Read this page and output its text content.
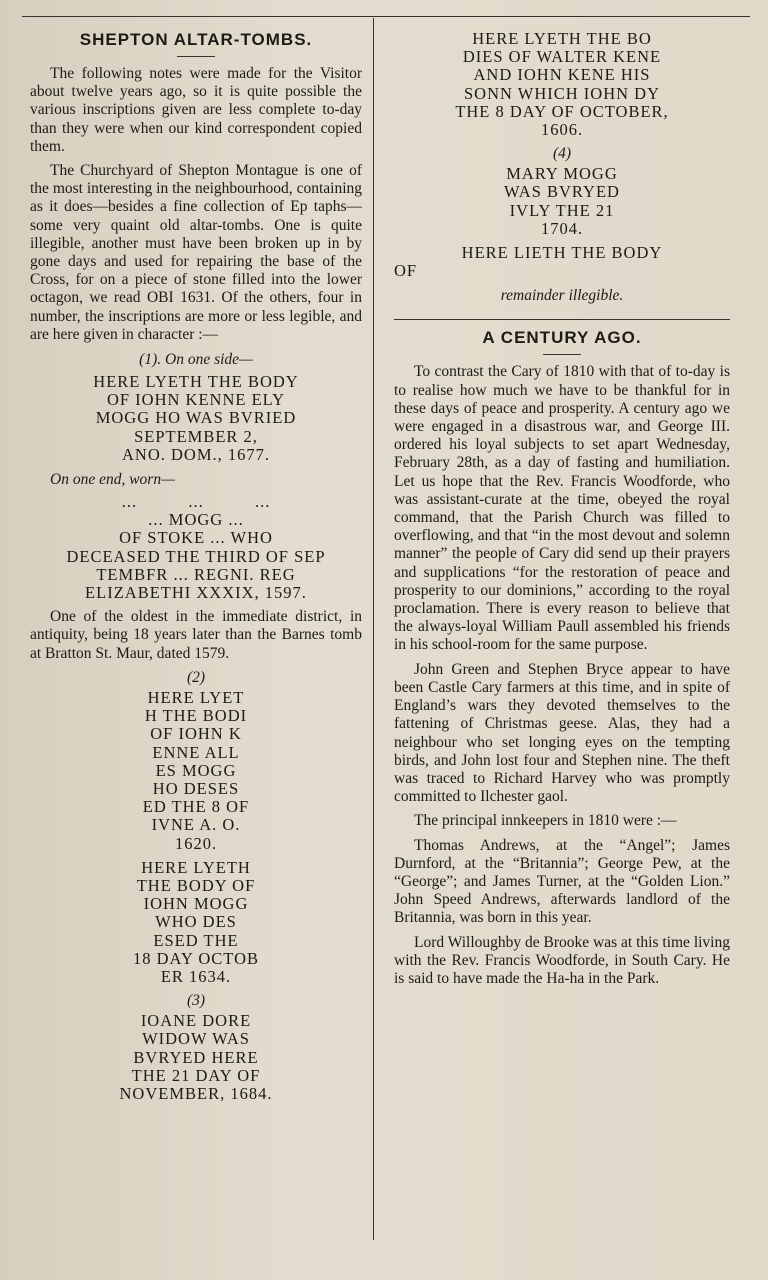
SHEPTON ALTAR-TOMBS.

The following notes were made for the Visitor about twelve years ago, so it is quite possible the various inscriptions given are less complete to-day than they were when our kind correspondent copied them.

The Churchyard of Shepton Montague is one of the most interesting in the neighbourhood, containing as it does—besides a fine collection of Ep taphs—some very quaint old altar-tombs. One is quite illegible, another must have been broken up in by gone days and used for repairing the base of the Cross, for on a piece of stone filled into the lower octagon, we read OBI 1631. Of the others, four in number, the inscriptions are more or less legible, and are here given in character :—

(1). On one side—
HERE LYETH THE BODY
OF IOHN KENNE ELY
MOGG HO WAS BVRIED
SEPTEMBER 2,
ANO. DOM., 1677.
On one end, worn—
...          ...          ...
... MOGG ...
OF STOKE ... WHO
DECEASED THE THIRD OF SEP
TEMBFR ... REGNI. REG
ELIZABETHI XXXIX, 1597.

One of the oldest in the immediate district, in antiquity, being 18 years later than the Barnes tomb at Bratton St. Maur, dated 1579.

(2)
HERE LYET
H THE BODI
OF IOHN K
ENNE ALL
ES MOGG
HO DESES
ED THE 8 OF
IVNE A. O.
1620.
HERE LYETH
THE BODY OF
IOHN MOGG
WHO DES
ESED THE
18 DAY OCTOB
ER 1634.
(3)
IOANE DORE
WIDOW WAS
BVRYED HERE
THE 21 DAY OF
NOVEMBER, 1684.
HERE LYETH THE BO
DIES OF WALTER KENE
AND IOHN KENE HIS
SONN WHICH IOHN DY
THE 8 DAY OF OCTOBER,
1606.
(4)
MARY MOGG
WAS BVRYED
IVLY THE 21
1704.
HERE LIETH THE BODY
OF
remainder illegible.
A CENTURY AGO.

To contrast the Cary of 1810 with that of to-day is to realise how much we have to be thankful for in these days of peace and prosperity. A century ago we were engaged in a disastrous war, and George III. ordered his loyal subjects to set apart Wednesday, February 28th, as a day of fasting and humiliation. Let us hope that the Rev. Francis Woodforde, who was assistant-curate at the time, obeyed the royal command, that the Parish Church was filled to overflowing, and that “in the most devout and solemn manner” the people of Cary did send up their prayers and supplications “for the restoration of peace and prosperity to our dominions,” according to the royal proclamation. There is every reason to believe that the always-loyal William Paull assembled his friends in his school-room for the same purpose.

John Green and Stephen Bryce appear to have been Castle Cary farmers at this time, and in spite of England’s wars they devoted themselves to the fattening of Christmas geese. Alas, they had a neighbour who set longing eyes on the tempting birds, and John lost four and Stephen nine. The theft was traced to Richard Harvey who was promptly committed to Ilchester gaol.

The principal innkeepers in 1810 were :—

Thomas Andrews, at the “Angel”; James Durnford, at the “Britannia”; George Pew, at the “George”; and James Turner, at the “Golden Lion.” John Speed Andrews, afterwards landlord of the Britannia, was born in this year.

Lord Willoughby de Brooke was at this time living with the Rev. Francis Woodforde, in South Cary. He is said to have made the Ha-ha in the Park.
